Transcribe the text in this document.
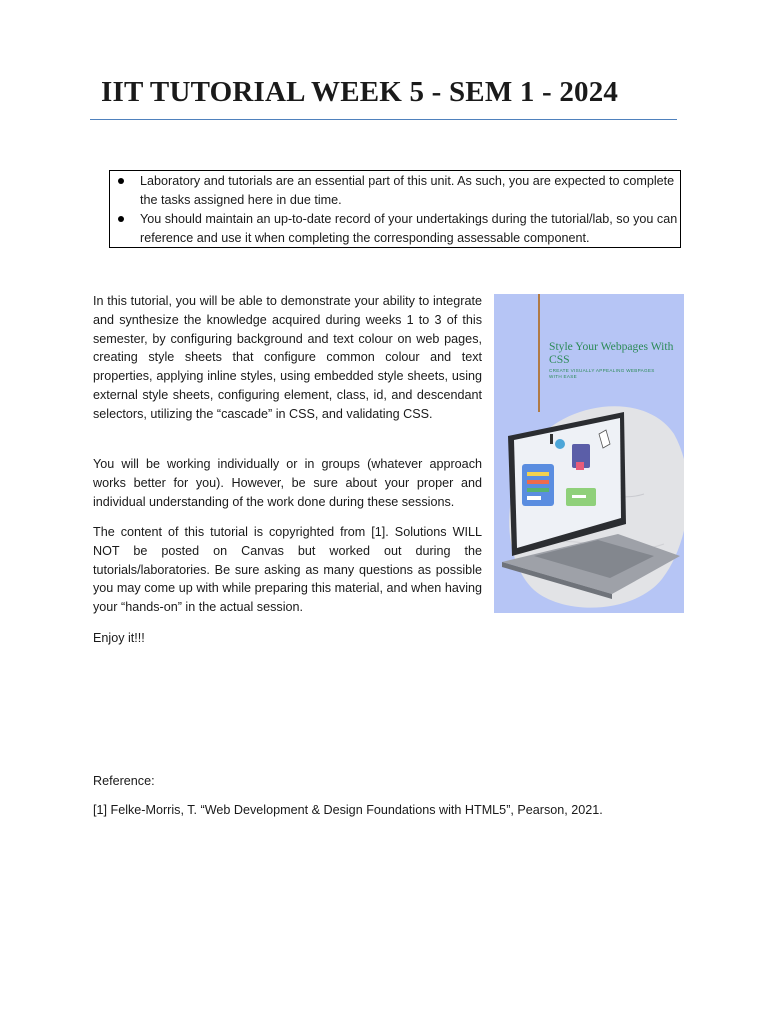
IIT TUTORIAL WEEK 5 - SEM 1 - 2024
Laboratory and tutorials are an essential part of this unit. As such, you are expected to complete the tasks assigned here in due time.
You should maintain an up-to-date record of your undertakings during the tutorial/lab, so you can reference and use it when completing the corresponding assessable component.

In this tutorial, you will be able to demonstrate your ability to integrate and synthesize the knowledge acquired during weeks 1 to 3 of this semester, by configuring background and text colour on web pages, creating style sheets that configure common colour and text properties, applying inline styles, using embedded style sheets, using external style sheets, configuring element, class, id, and descendant selectors, utilizing the “cascade” in CSS, and validating CSS.

You will be working individually or in groups (whatever approach works better for you). However, be sure about your proper and individual understanding of the work done during these sessions.

The content of this tutorial is copyrighted from [1]. Solutions WILL NOT be posted on Canvas but worked out during the tutorials/laboratories. Be sure asking as many questions as possible you may come up with while preparing this material, and when having your “hands-on” in the actual session.

Enjoy it!!!

Style Your Webpages With CSS
CREATE VISUALLY APPEALING WEBPAGES WITH EASE

Reference:

[1] Felke-Morris, T. “Web Development & Design Foundations with HTML5”, Pearson, 2021.
